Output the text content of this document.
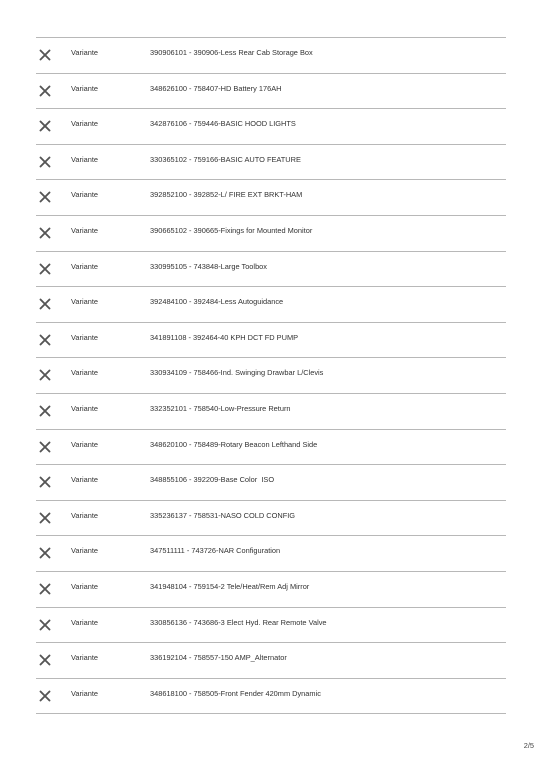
Variante	390906101 - 390906-Less Rear Cab Storage Box
Variante	348626100 - 758407-HD Battery 176AH
Variante	342876106 - 759446-BASIC HOOD LIGHTS
Variante	330365102 - 759166-BASIC AUTO FEATURE
Variante	392852100 - 392852-L/ FIRE EXT BRKT-HAM
Variante	390665102 - 390665-Fixings for Mounted Monitor
Variante	330995105 - 743848-Large Toolbox
Variante	392484100 - 392484-Less Autoguidance
Variante	341891108 - 392464-40 KPH DCT FD PUMP
Variante	330934109 - 758466-Ind. Swinging Drawbar L/Clevis
Variante	332352101 - 758540-Low-Pressure Return
Variante	348620100 - 758489-Rotary Beacon Lefthand Side
Variante	348855106 - 392209-Base Color  ISO
Variante	335236137 - 758531-NASO COLD CONFIG
Variante	347511111 - 743726-NAR Configuration
Variante	341948104 - 759154-2 Tele/Heat/Rem Adj Mirror
Variante	330856136 - 743686-3 Elect Hyd. Rear Remote Valve
Variante	336192104 - 758557-150 AMP_Alternator
Variante	348618100 - 758505-Front Fender 420mm Dynamic
2/5
